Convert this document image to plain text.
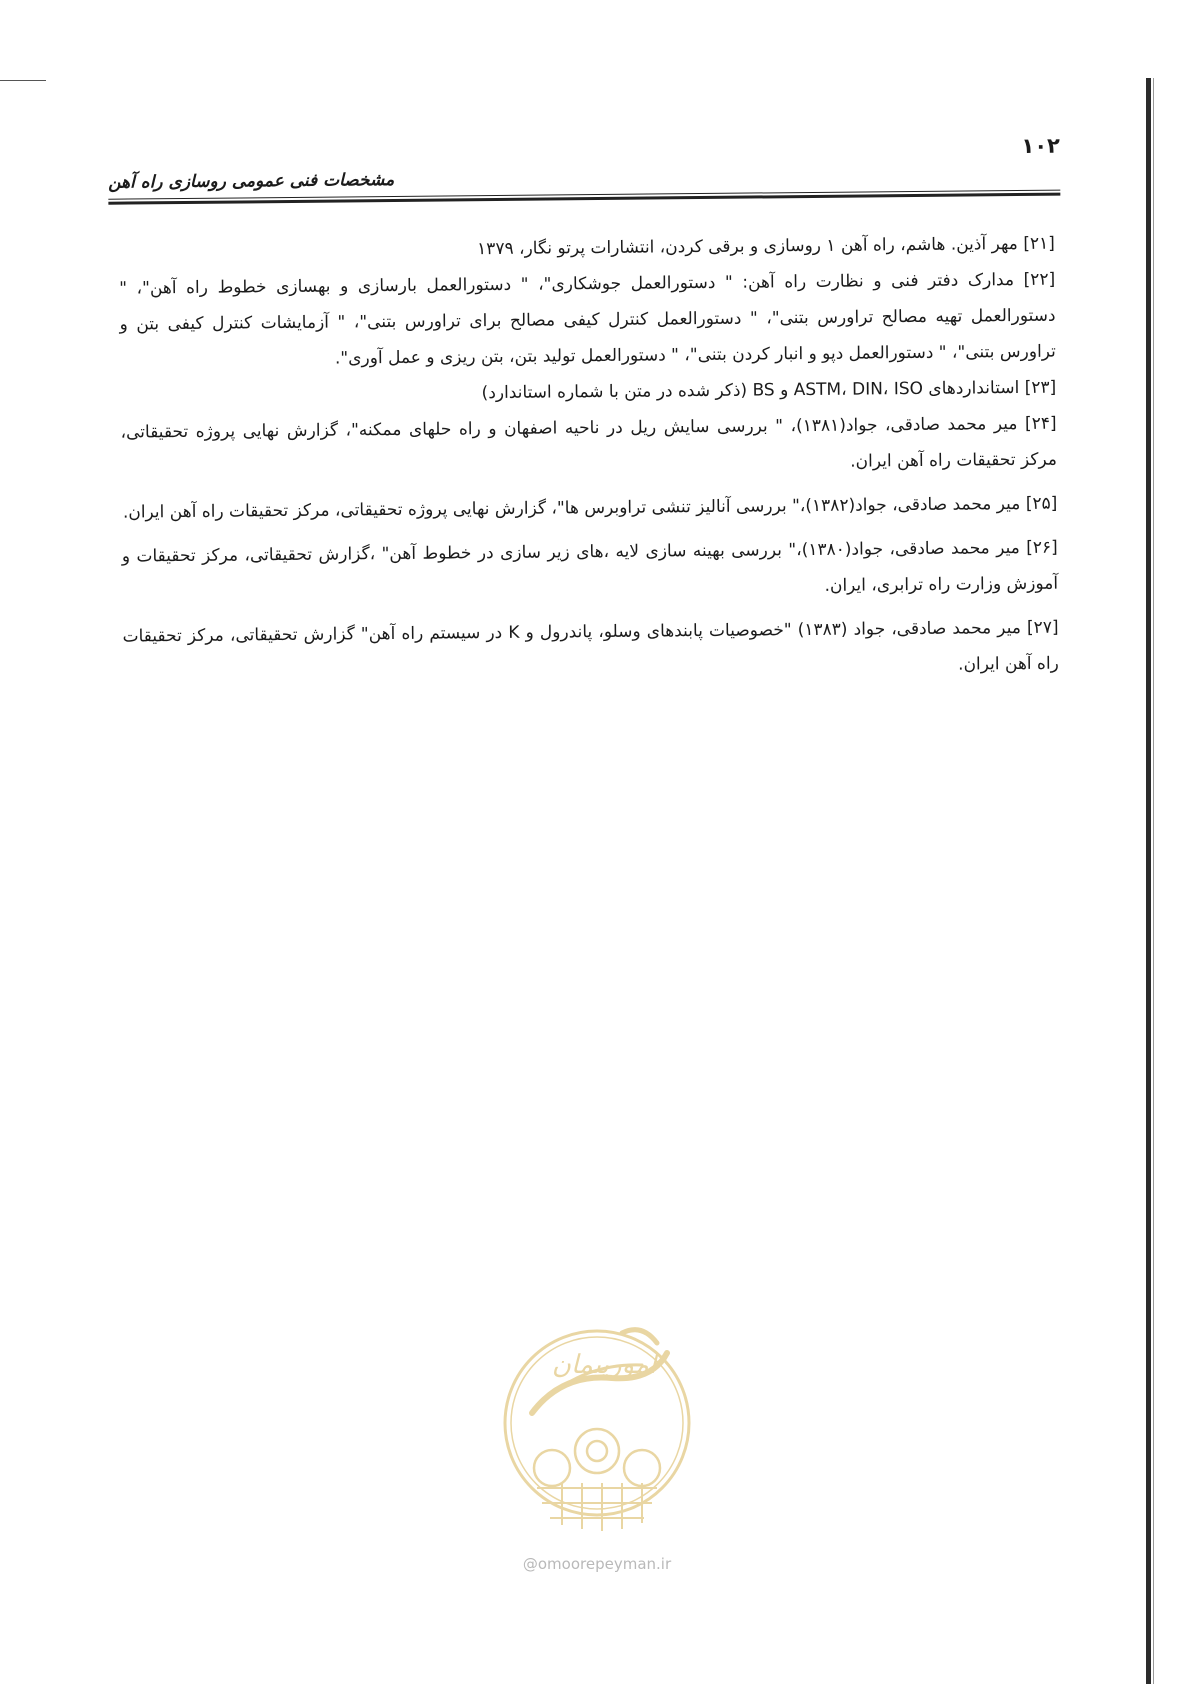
۱۰۲
مشخصات فنی عمومی روسازی راه آهن

[۲۱] مهر آذین. هاشم، راه آهن ۱ روسازی و برقی کردن، انتشارات پرتو نگار، ۱۳۷۹

[۲۲] مدارک دفتر فنی و نظارت راه آهن: " دستورالعمل جوشکاری"، " دستورالعمل بارسازی و بهسازی خطوط راه آهن"، " دستورالعمل تهیه مصالح تراورس بتنی"، " دستورالعمل کنترل کیفی مصالح برای تراورس بتنی"، " آزمایشات کنترل کیفی بتن و تراورس بتنی"، " دستورالعمل دپو و انبار کردن بتنی"، " دستورالعمل تولید بتن، بتن ریزی و عمل آوری".

[۲۳] استانداردهای ASTM، DIN، ISO و BS (ذکر شده در متن با شماره استاندارد)

[۲۴] میر محمد صادقی، جواد(۱۳۸۱)، " بررسی سایش ریل در ناحیه اصفهان و راه حلهای ممکنه"، گزارش نهایی پروژه تحقیقاتی، مرکز تحقیقات راه آهن ایران.

[۲۵] میر محمد صادقی، جواد(۱۳۸۲)،" بررسی آنالیز تنشی تراوبرس ها"، گزارش نهایی پروژه تحقیقاتی، مرکز تحقیقات راه آهن ایران.

[۲۶] میر محمد صادقی، جواد(۱۳۸۰)،" بررسی بهینه سازی لایه ،های زیر سازی در خطوط آهن" ،گزارش تحقیقاتی، مرکز تحقیقات و آموزش وزارت راه ترابری، ایران.

[۲۷] میر محمد صادقی، جواد (۱۳۸۳) "خصوصیات پابندهای وسلو، پاندرول و K در سیستم راه آهن" گزارش تحقیقاتی، مرکز تحقیقات راه آهن ایران.

امورپیمان
@omoorepeyman.ir
